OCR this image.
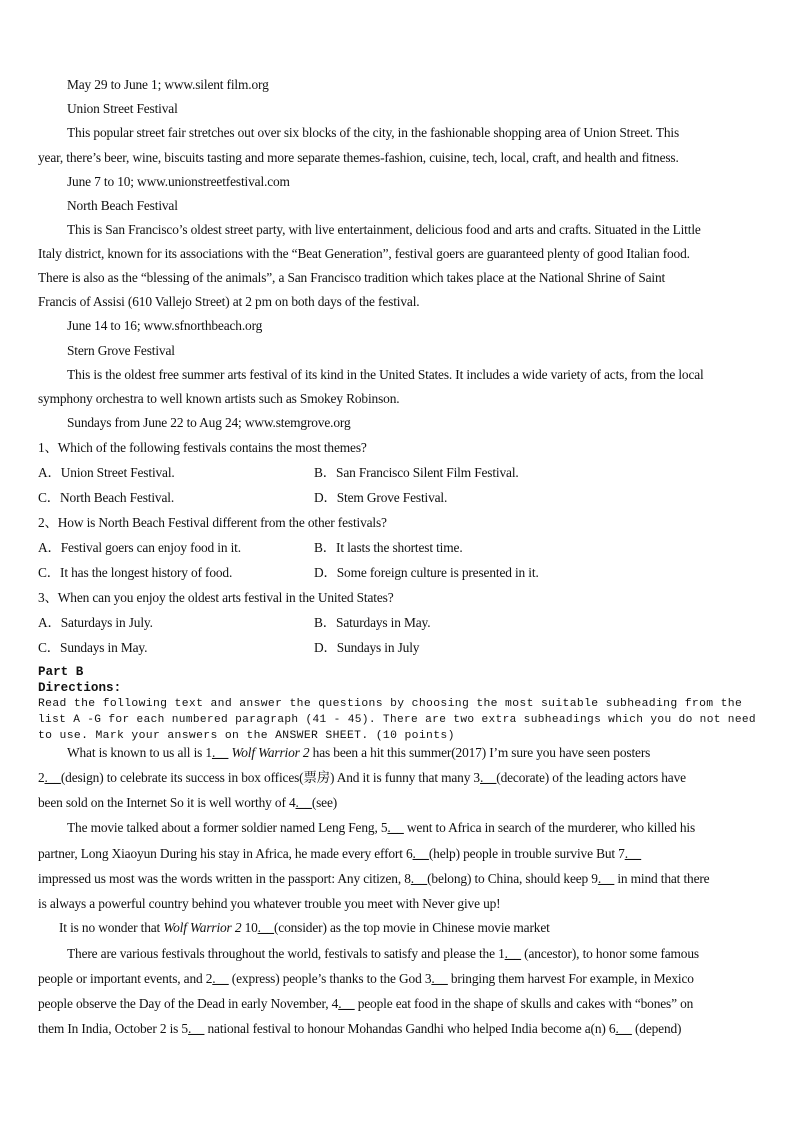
May 29 to June 1; www.silent film.org
Union Street Festival
This popular street fair stretches out over six blocks of the city, in the fashionable shopping area of Union Street. This
year, there’s beer, wine, biscuits tasting and more separate themes-fashion, cuisine, tech, local, craft, and health and fitness.
June 7 to 10; www.unionstreetfestival.com
North Beach Festival
This is San Francisco’s oldest street party, with live entertainment, delicious food and arts and crafts. Situated in the Little
Italy district, known for its associations with the “Beat Generation”, festival goers are guaranteed plenty of good Italian food.
There is also as the “blessing of the animals”, a San Francisco tradition which takes place at the National Shrine of Saint
Francis of Assisi (610 Vallejo Street) at 2 pm on both days of the festival.
June 14 to 16; www.sfnorthbeach.org
Stern Grove Festival
This is the oldest free summer arts festival of its kind in the United States. It includes a wide variety of acts, from the local
symphony orchestra to well known artists such as Smokey Robinson.
Sundays from June 22 to Aug 24; www.stemgrove.org
1、Which of the following festivals contains the most themes?
A．Union Street Festival.	B．San Francisco Silent Film Festival.
C．North Beach Festival.	D．Stem Grove Festival.
2、How is North Beach Festival different from the other festivals?
A．Festival goers can enjoy food in it.	B．It lasts the shortest time.
C．It has the longest history of food.	D．Some foreign culture is presented in it.
3、When can you enjoy the oldest arts festival in the United States?
A．Saturdays in July.	B．Saturdays in May.
C．Sundays in May.	D．Sundays in July
Part B
Directions:
Read the following text and answer the questions by choosing the most suitable subheading from the
list A -G for each numbered paragraph (41 - 45). There are two extra subheadings which you do not need
to use. Mark your answers on the ANSWER SHEET. (10 points)
What is known to us all is 1.__ Wolf Warrior 2 has been a hit this summer(2017) I’m sure you have seen posters
2.__(design) to celebrate its success in box offices(票房) And it is funny that many 3.__(decorate) of the leading actors have
been sold on the Internet So it is well worthy of 4.__(see)
The movie talked about a former soldier named Leng Feng, 5.__ went to Africa in search of the murderer, who killed his
partner, Long Xiaoyun During his stay in Africa, he made every effort 6.__(help) people in trouble survive But 7.__
impressed us most was the words written in the passport: Any citizen, 8.__(belong) to China, should keep 9.__ in mind that there
is always a powerful country behind you whatever trouble you meet with Never give up!
It is no wonder that Wolf Warrior 2 10.__(consider) as the top movie in Chinese movie market
There are various festivals throughout the world, festivals to satisfy and please the 1.__ (ancestor), to honor some famous
people or important events, and 2.__ (express) people’s thanks to the God 3.__ bringing them harvest For example, in Mexico
people observe the Day of the Dead in early November, 4.__ people eat food in the shape of skulls and cakes with “bones” on
them In India, October 2 is 5.__ national festival to honour Mohandas Gandhi who helped India become a(n) 6.__ (depend)
